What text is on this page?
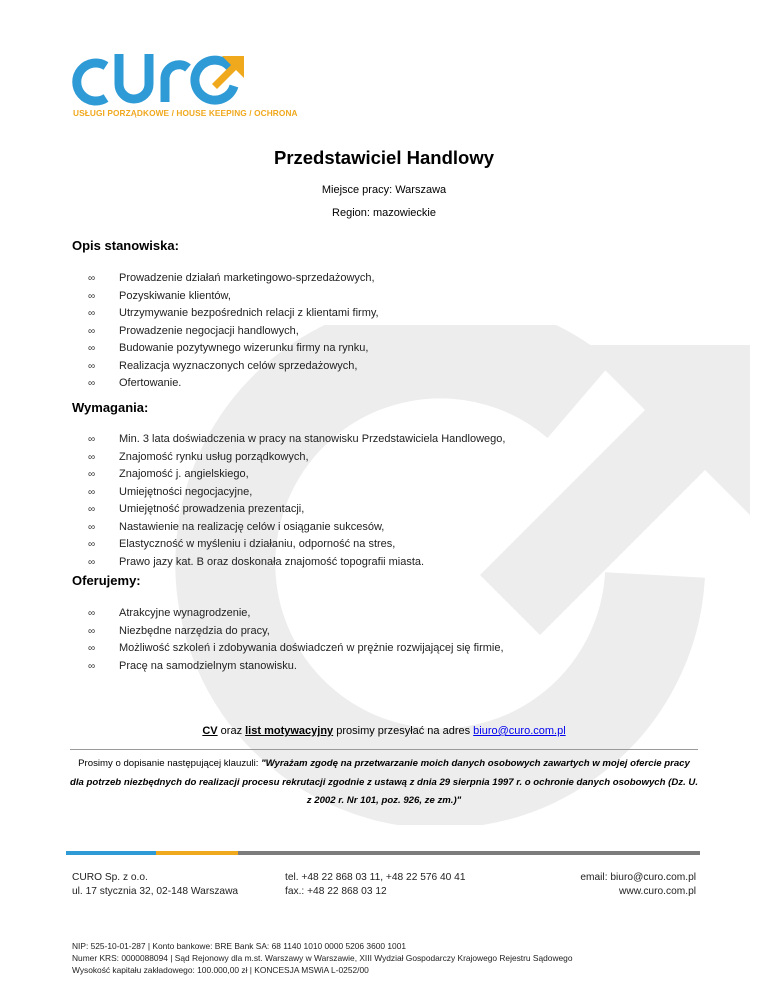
USŁUGI PORZĄDKOWE / HOUSE KEEPING / OCHRONA
Przedstawiciel Handlowy
Miejsce pracy: Warszawa
Region: mazowieckie
Opis stanowiska:
∞ Prowadzenie działań marketingowo-sprzedażowych,
∞ Pozyskiwanie klientów,
∞ Utrzymywanie bezpośrednich relacji z klientami firmy,
∞ Prowadzenie negocjacji handlowych,
∞ Budowanie pozytywnego wizerunku firmy na rynku,
∞ Realizacja wyznaczonych celów sprzedażowych,
∞ Ofertowanie.
Wymagania:
∞ Min. 3 lata doświadczenia w pracy na stanowisku Przedstawiciela Handlowego,
∞ Znajomość rynku usług porządkowych,
∞ Znajomość j. angielskiego,
∞ Umiejętności negocjacyjne,
∞ Umiejętność prowadzenia prezentacji,
∞ Nastawienie na realizację celów i osiąganie sukcesów,
∞ Elastyczność w myśleniu i działaniu, odporność na stres,
∞ Prawo jazy kat. B oraz doskonała znajomość topografii miasta.
Oferujemy:
∞ Atrakcyjne wynagrodzenie,
∞ Niezbędne narzędzia do pracy,
∞ Możliwość szkoleń i zdobywania doświadczeń w prężnie rozwijającej się firmie,
∞ Pracę na samodzielnym stanowisku.
CV oraz list motywacyjny prosimy przesyłać na adres biuro@curo.com.pl
Prosimy o dopisanie następującej klauzuli: "Wyrażam zgodę na przetwarzanie moich danych osobowych zawartych w mojej ofercie pracy dla potrzeb niezbędnych do realizacji procesu rekrutacji zgodnie z ustawą z dnia 29 sierpnia 1997 r. o ochronie danych osobowych (Dz. U. z 2002 r. Nr 101, poz. 926, ze zm.)"
CURO Sp. z o.o.
ul. 17 stycznia 32, 02-148 Warszawa
tel. +48 22 868 03 11, +48 22 576 40 41
fax.: +48 22 868 03 12
email: biuro@curo.com.pl
www.curo.com.pl
NIP: 525-10-01-287 | Konto bankowe: BRE Bank SA: 68 1140 1010 0000 5206 3600 1001
Numer KRS: 0000088094 | Sąd Rejonowy dla m.st. Warszawy w Warszawie, XIII Wydział Gospodarczy Krajowego Rejestru Sądowego
Wysokość kapitału zakładowego: 100.000,00 zł | KONCESJA MSWiA L-0252/00
